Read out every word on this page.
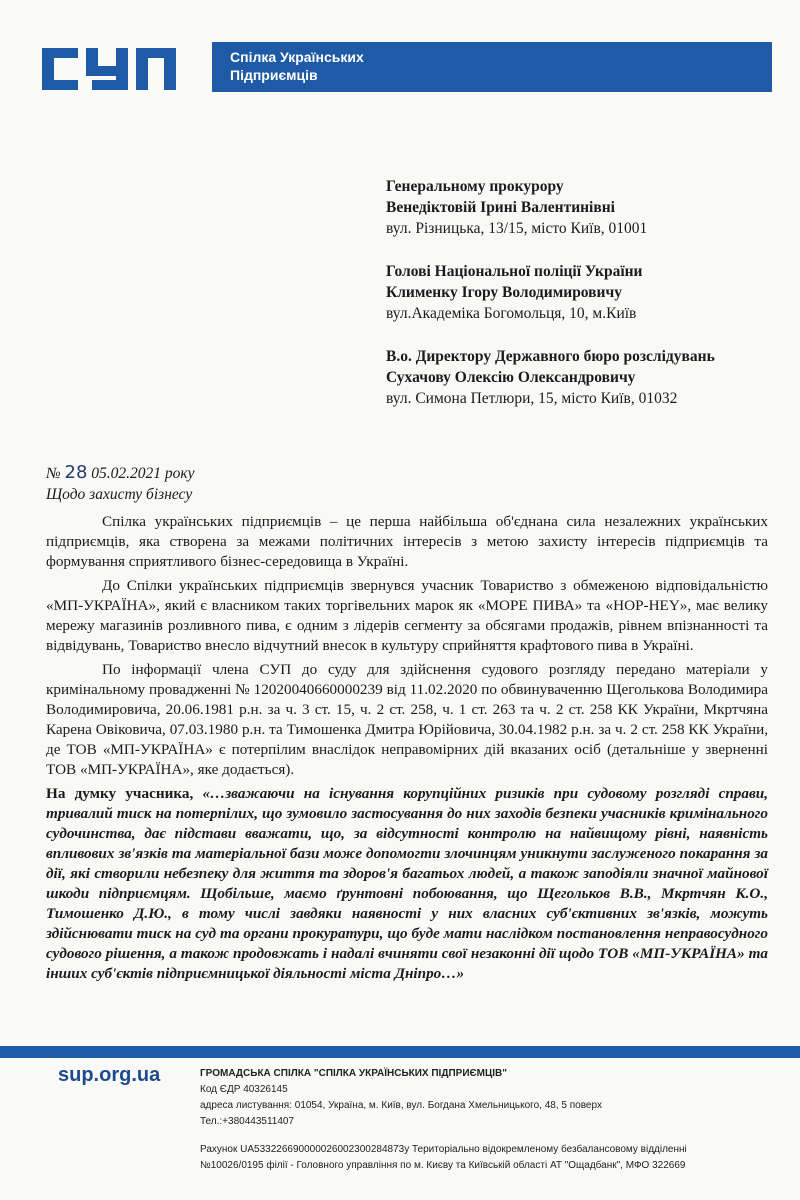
Спілка Українських
Підприємців
Генеральному прокурору
Венедіктовій Ірині Валентинівні
вул. Різницька, 13/15, місто Київ, 01001
Голові Національної поліції України
Клименку Ігору Володимировичу
вул.Академіка Богомольця, 10, м.Київ
В.о. Директору Державного бюро розслідувань
Сухачову Олексію Олександровичу
вул. Симона Петлюри, 15, місто Київ, 01032
№ 28 05.02.2021 року
Щодо захисту бізнесу

Спілка українських підприємців – це перша найбільша об'єднана сила незалежних українських підприємців, яка створена за межами політичних інтересів з метою захисту інтересів підприємців та формування сприятливого бізнес-середовища в Україні.

До Спілки українських підприємців звернувся учасник Товариство з обмеженою відповідальністю «МП-УКРАЇНА», який є власником таких торгівельних марок як «МОРЕ ПИВА» та «НОР-НЕY», має велику мережу магазинів розливного пива, є одним з лідерів сегменту за обсягами продажів, рівнем впізнанності та відвідувань, Товариство внесло відчутний внесок в культуру сприйняття крафтового пива в Україні.

По інформації члена СУП до суду для здійснення судового розгляду передано матеріали у кримінальному провадженні № 12020040660000239 від 11.02.2020 по обвинуваченню Щеголькова Володимира Володимировича, 20.06.1981 р.н. за ч. 3 ст. 15, ч. 2 ст. 258, ч. 1 ст. 263 та ч. 2 ст. 258 КК України, Мкртчяна Карена Овіковича, 07.03.1980 р.н. та Тимошенка Дмитра Юрійовича, 30.04.1982 р.н. за ч. 2 ст. 258 КК України, де ТОВ «МП-УКРАЇНА» є потерпілим внаслідок неправомірних дій вказаних осіб (детальніше у зверненні ТОВ «МП-УКРАЇНА», яке додається).

На думку учасника, «…зважаючи на існування корупційних ризиків при судовому розгляді справи, тривалий тиск на потерпілих, що зумовило застосування до них заходів безпеки учасників кримінального судочинства, дає підстави вважати, що, за відсутності контролю на найвищому рівні, наявність впливових зв'язків та матеріальної бази може допомогти злочинцям уникнути заслуженого покарання за дії, які створили небезпеку для життя та здоров'я багатьох людей, а також заподіяли значної майнової шкоди підприємцям. Щобільше, маємо ґрунтовні побоювання, що Щегольков В.В., Мкртчян К.О., Тимошенко Д.Ю., в тому числі завдяки наявності у них власних суб'єктивних зв'язків, можуть здійснювати тиск на суд та органи прокуратури, що буде мати наслідком постановлення неправосудного судового рішення, а також продовжать і надалі вчиняти свої незаконні дії щодо ТОВ «МП-УКРАЇНА» та інших суб'єктів підприємницької діяльності міста Дніпро…»

sup.org.ua	ГРОМАДСЬКА СПІЛКА "СПІЛКА УКРАЇНСЬКИХ ПІДПРИЄМЦІВ"
Код ЄДР 40326145
адреса листування: 01054, Україна, м. Київ, вул. Богдана Хмельницького, 48, 5 поверх
Тел.:+380443511407
Рахунок UA533226690000026002300284873у Територіально відокремленому безбалансовому відділенні
№10026/0195 філії - Головного управління по м. Києву та Київській області АТ "Ощадбанк", МФО 322669
